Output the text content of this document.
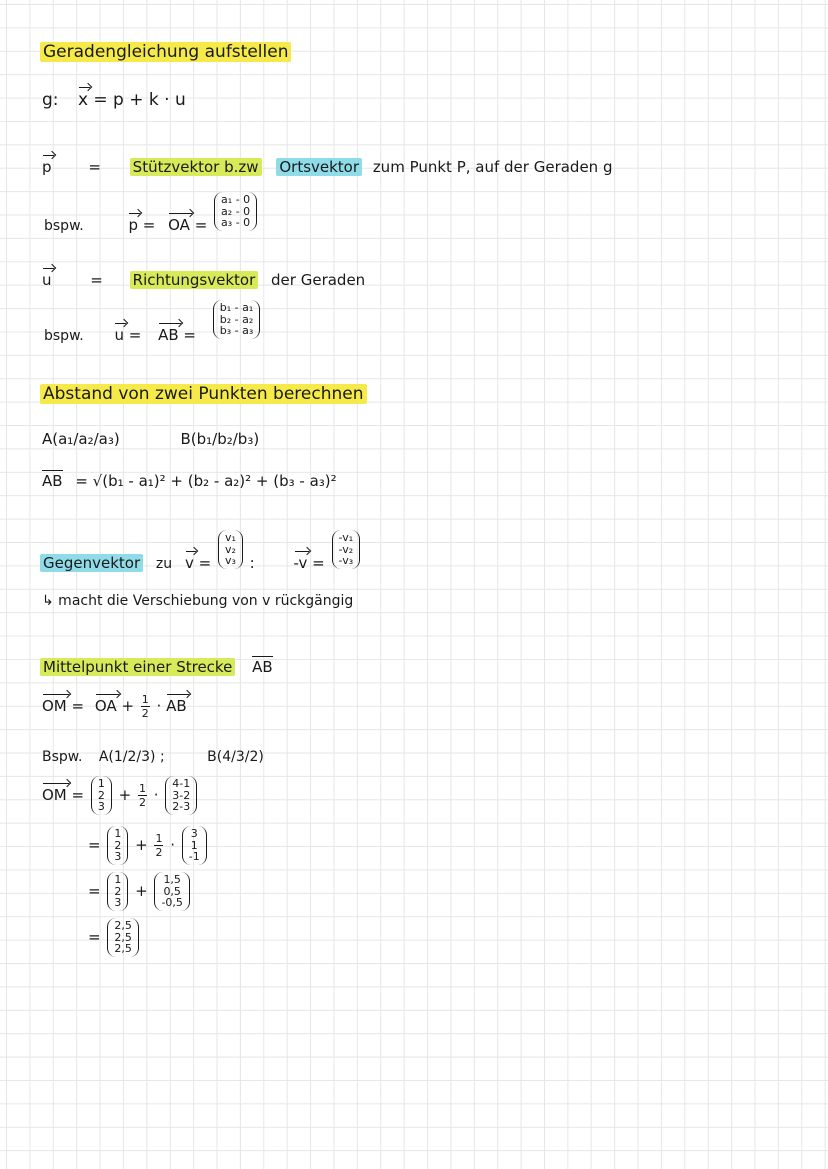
Geradengleichung aufstellen
g: x = p + k · u
p = Stützvektor b.zw Ortsvektor zum Punkt P, auf der Geraden g
bspw.	p = OA =
a₁ - 0
a₂ - 0
a₃ - 0
u	= Richtungsvektor der Geraden
bspw. u = AB =
b₁ - a₁
b₂ - a₂
b₃ - a₃
Abstand von zwei Punkten berechnen
A(a₁/a₂/a₃)	B(b₁/b₂/b₃)
AB = √(b₁ - a₁)² + (b₂ - a₂)² + (b₃ - a₃)²
Gegenvektor zu v =
v₁
v₂
v₃ :	-v =
-v₁
-v₂
-v₃
↳ macht die Verschiebung von v rückgängig
Mittelpunkt einer Strecke AB
OM = OA + $\frac{1}{2}$ · AB
Bspw. A(1/2/3) ;	B(4/3/2)
OM =
1
2
3
+ $\frac{1}{2}$ ·
4-1
3-2
2-3
=
1
2
3
+ $\frac{1}{2}$ ·
3
1
-1
=
1
2
3
+
1,5
0,5
-0,5
=
2,5
2,5
2,5
